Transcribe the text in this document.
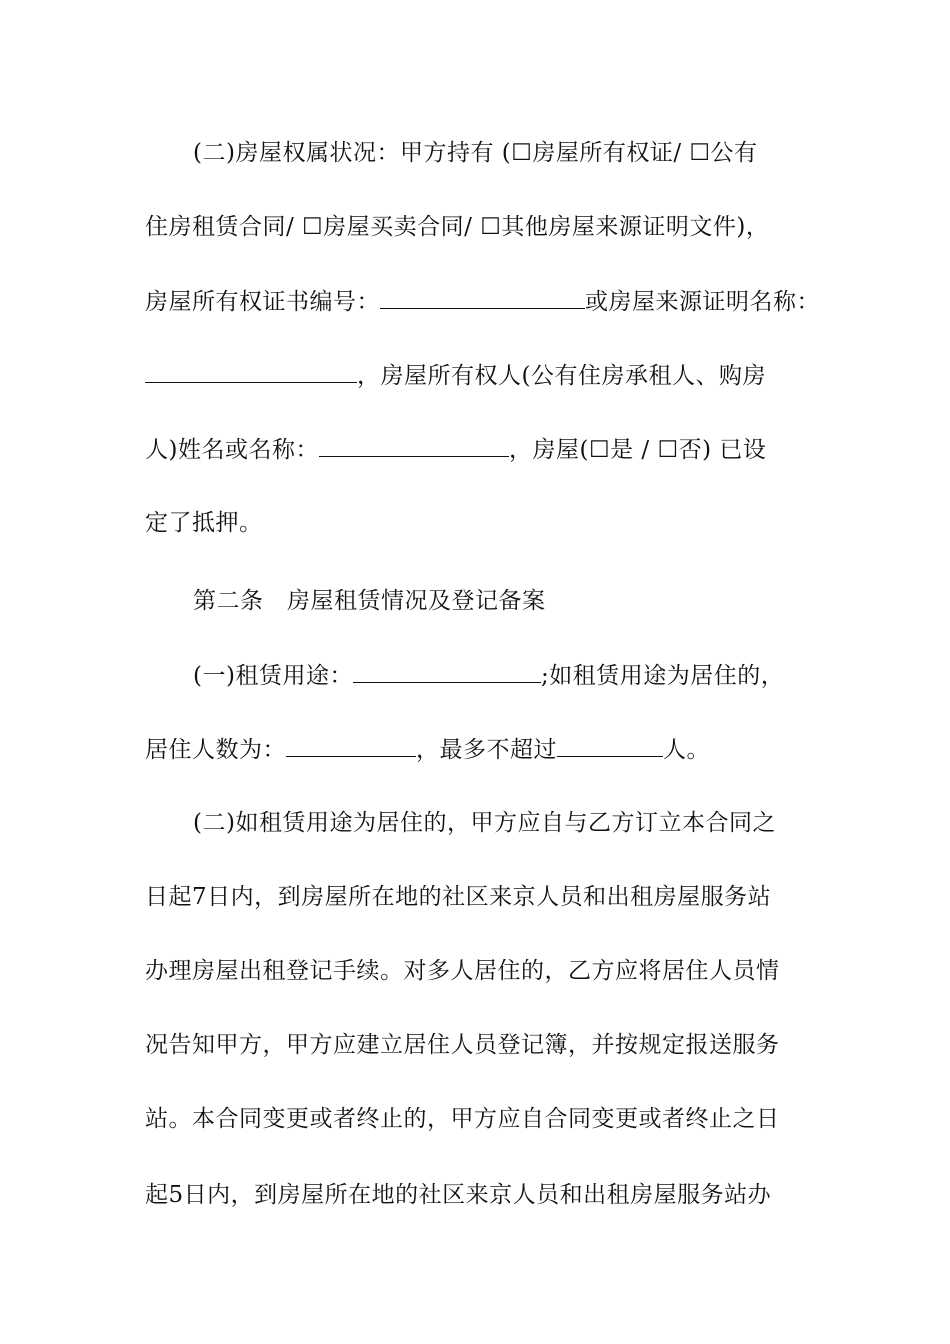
(二)房屋权属状况：甲方持有 (☐房屋所有权证/ ☐公有
住房租赁合同/ ☐房屋买卖合同/ ☐其他房屋来源证明文件)，
房屋所有权证书编号：	或房屋来源证明名称：
，房屋所有权人(公有住房承租人、购房
人)姓名或名称：	，房屋(☐是 / ☐否) 已设
定了抵押。
第二条　房屋租赁情况及登记备案
(一)租赁用途：	;如租赁用途为居住的，
居住人数为：	，最多不超过	人。
(二)如租赁用途为居住的，甲方应自与乙方订立本合同之
日起7日内，到房屋所在地的社区来京人员和出租房屋服务站
办理房屋出租登记手续。对多人居住的，乙方应将居住人员情
况告知甲方，甲方应建立居住人员登记簿，并按规定报送服务
站。本合同变更或者终止的，甲方应自合同变更或者终止之日
起5日内，到房屋所在地的社区来京人员和出租房屋服务站办
